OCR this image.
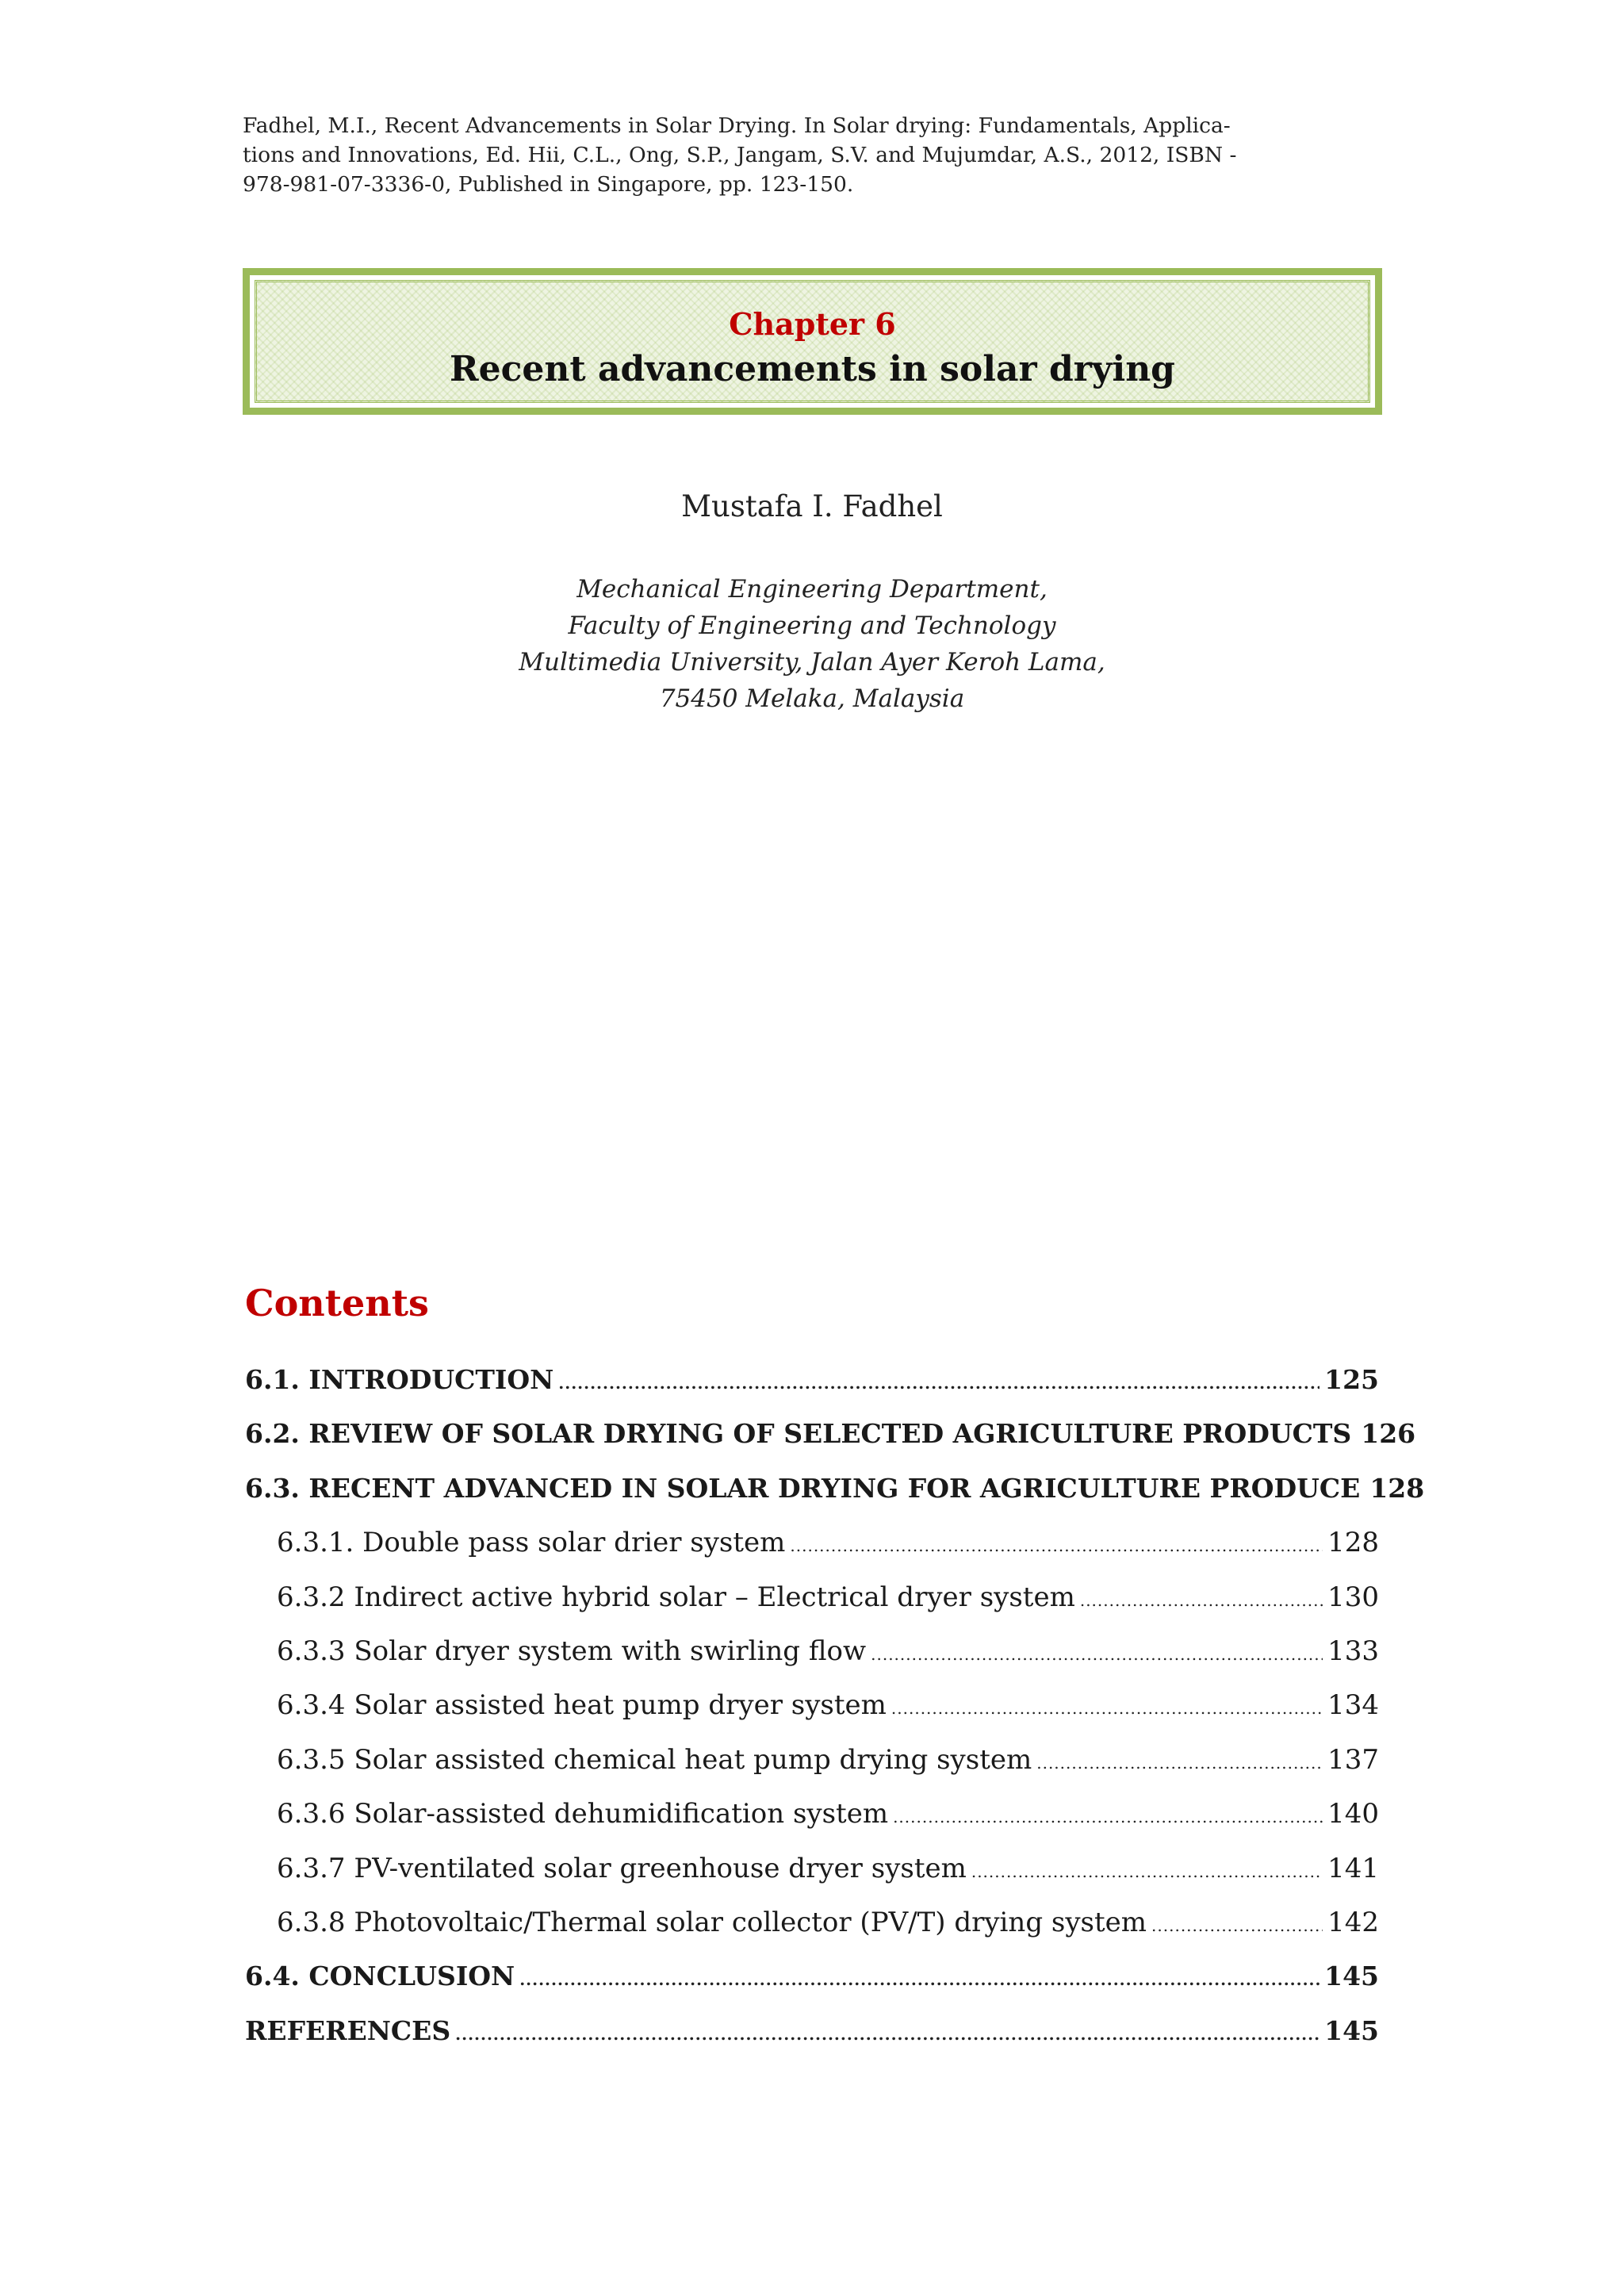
Fadhel, M.I., Recent Advancements in Solar Drying. In Solar drying: Fundamentals, Applica-
tions and Innovations, Ed. Hii, C.L., Ong, S.P., Jangam, S.V. and Mujumdar, A.S., 2012, ISBN -
978-981-07-3336-0, Published in Singapore, pp. 123-150.
Chapter 6
Recent advancements in solar drying
Mustafa I. Fadhel
Mechanical Engineering Department,
Faculty of Engineering and Technology
Multimedia University, Jalan Ayer Keroh Lama,
75450 Melaka, Malaysia
Contents
6.1. INTRODUCTION .....	125
6.2. REVIEW OF SOLAR DRYING OF SELECTED AGRICULTURE PRODUCTS 126
6.3. RECENT ADVANCED IN SOLAR DRYING FOR AGRICULTURE PRODUCE 128
6.3.1. Double pass solar drier system .....	128
6.3.2 Indirect active hybrid solar – Electrical dryer system .....	130
6.3.3 Solar dryer system with swirling flow .....	133
6.3.4 Solar assisted heat pump dryer system .....	134
6.3.5 Solar assisted chemical heat pump drying system .....	137
6.3.6 Solar-assisted dehumidification system .....	140
6.3.7 PV-ventilated solar greenhouse dryer system .....	141
6.3.8 Photovoltaic/Thermal solar collector (PV/T) drying system .....	142
6.4. CONCLUSION .....	145
REFERENCES .....	145
